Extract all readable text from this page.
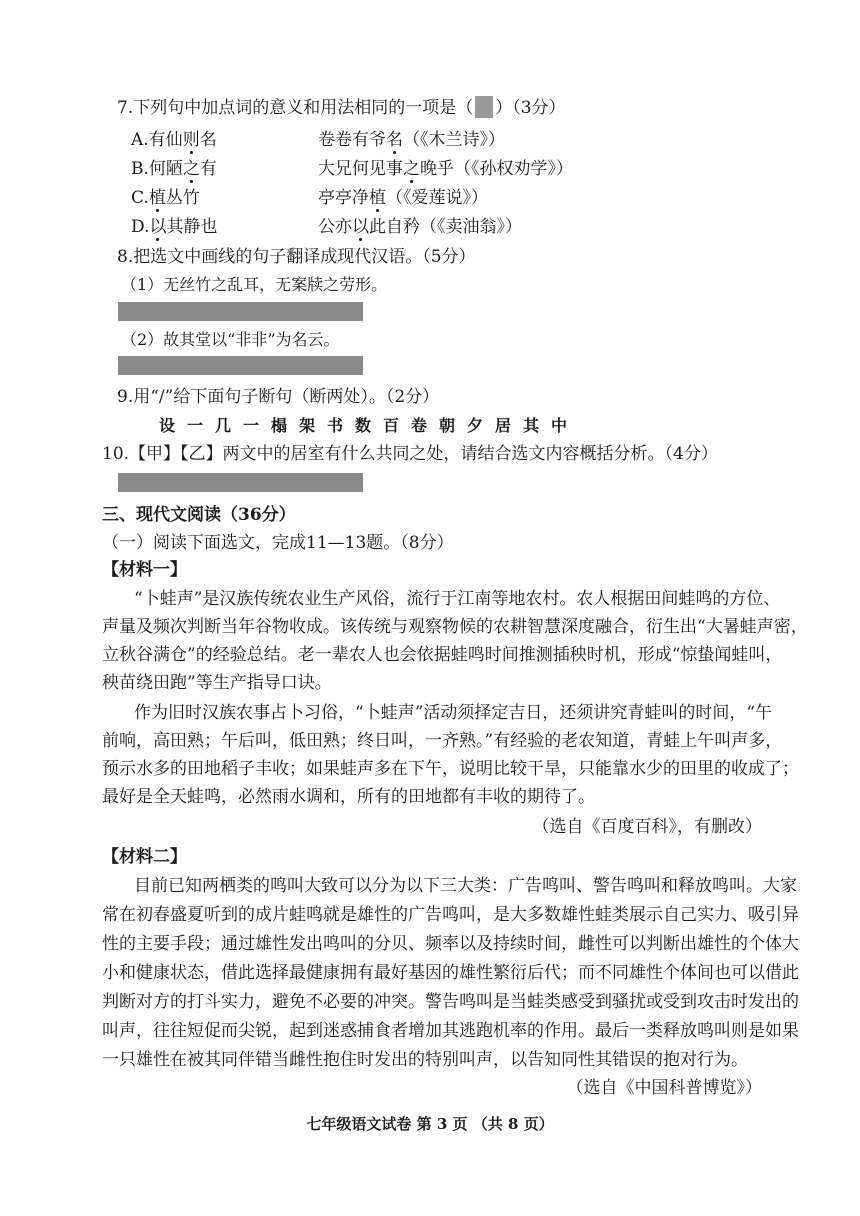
7.下列句中加点词的意义和用法相同的一项是（ ）（3分）
A.有仙则名	卷卷有爷名（《木兰诗》）
B.何陋之有	大兄何见事之晚乎（《孙权劝学》）
C.植丛竹	亭亭净植（《爱莲说》）
D.以其静也	公亦以此自矜（《卖油翁》）
8.把选文中画线的句子翻译成现代汉语。（5分）
（1）无丝竹之乱耳，无案牍之劳形。
（2）故其堂以“非非”为名云。
9.用“/”给下面句子断句（断两处）。（2分）
设一几一榻架书数百卷朝夕居其中
10.【甲】【乙】两文中的居室有什么共同之处，请结合选文内容概括分析。（4分）
三、现代文阅读（36分）
（一）阅读下面选文，完成11—13题。（8分）
【材料一】
“卜蛙声”是汉族传统农业生产风俗，流行于江南等地农村。农人根据田间蛙鸣的方位、
声量及频次判断当年谷物收成。该传统与观察物候的农耕智慧深度融合，衍生出“大暑蛙声密，
立秋谷满仓”的经验总结。老一辈农人也会依据蛙鸣时间推测插秧时机，形成“惊蛰闻蛙叫，
秧苗绕田跑”等生产指导口诀。
作为旧时汉族农事占卜习俗，“卜蛙声”活动须择定吉日，还须讲究青蛙叫的时间，“午
前响，高田熟；午后叫，低田熟；终日叫，一齐熟。”有经验的老农知道，青蛙上午叫声多，
预示水多的田地稻子丰收；如果蛙声多在下午，说明比较干旱，只能靠水少的田里的收成了；
最好是全天蛙鸣，必然雨水调和，所有的田地都有丰收的期待了。
（选自《百度百科》，有删改）
【材料二】
目前已知两栖类的鸣叫大致可以分为以下三大类：广告鸣叫、警告鸣叫和释放鸣叫。大家
常在初春盛夏听到的成片蛙鸣就是雄性的广告鸣叫，是大多数雄性蛙类展示自己实力、吸引异
性的主要手段；通过雄性发出鸣叫的分贝、频率以及持续时间，雌性可以判断出雄性的个体大
小和健康状态，借此选择最健康拥有最好基因的雄性繁衍后代；而不同雄性个体间也可以借此
判断对方的打斗实力，避免不必要的冲突。警告鸣叫是当蛙类感受到骚扰或受到攻击时发出的
叫声，往往短促而尖锐，起到迷惑捕食者增加其逃跑机率的作用。最后一类释放鸣叫则是如果
一只雄性在被其同伴错当雌性抱住时发出的特别叫声，以告知同性其错误的抱对行为。
（选自《中国科普博览》）
七年级语文试卷 第 3 页 （共 8 页）
